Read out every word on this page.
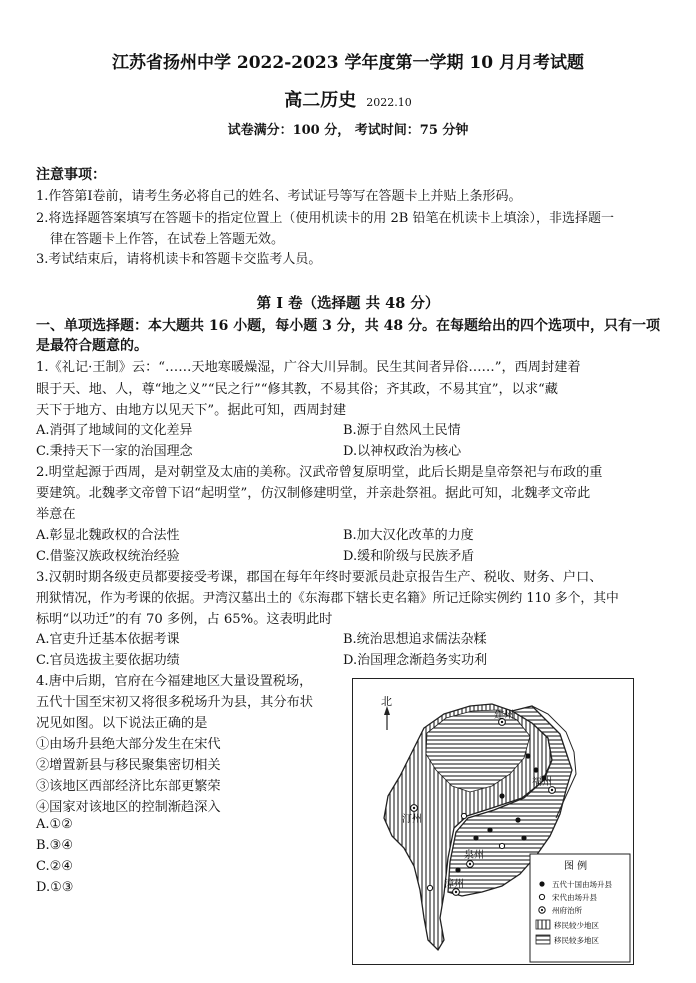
江苏省扬州中学 2022-2023 学年度第一学期 10 月月考试题
高二历史 2022.10
试卷满分：100 分， 考试时间：75 分钟
注意事项：
1.作答第Ⅰ卷前，请考生务必将自己的姓名、考试证号等写在答题卡上并贴上条形码。
2.将选择题答案填写在答题卡的指定位置上（使用机读卡的用 2B 铅笔在机读卡上填涂），非选择题一
律在答题卡上作答，在试卷上答题无效。
3.考试结束后，请将机读卡和答题卡交监考人员。
第 Ⅰ 卷（选择题 共 48 分）
一、单项选择题：本大题共 16 小题，每小题 3 分，共 48 分。在每题给出的四个选项中，只有一项是最符合题意的。
1.《礼记·王制》云：“……天地寒暖燥湿，广谷大川异制。民生其间者异俗……”，西周封建着
眼于天、地、人，尊“地之义”“民之行”“修其教，不易其俗；齐其政，不易其宜”，以求“藏
天下于地方、由地方以见天下”。据此可知，西周封建
A.消弭了地域间的文化差异	B.源于自然风土民情
C.秉持天下一家的治国理念	D.以神权政治为核心
2.明堂起源于西周，是对朝堂及太庙的美称。汉武帝曾复原明堂，此后长期是皇帝祭祀与布政的重
要建筑。北魏孝文帝曾下诏“起明堂”，仿汉制修建明堂，并亲赴祭祖。据此可知，北魏孝文帝此
举意在
A.彰显北魏政权的合法性	B.加大汉化改革的力度
C.借鉴汉族政权统治经验	D.缓和阶级与民族矛盾
3.汉朝时期各级吏员都要接受考课，郡国在每年年终时要派员赴京报告生产、税收、财务、户口、
刑狱情况，作为考课的依据。尹湾汉墓出土的《东海郡下辖长吏名籍》所记迁除实例约 110 多个，其中
标明“以功迁”的有 70 多例，占 65%。这表明此时
A.官吏升迁基本依据考课	B.统治思想追求儒法杂糅
C.官员选拔主要依据功绩	D.治国理念渐趋务实功利
4.唐中后期，官府在今福建地区大量设置税场，
五代十国至宋初又将很多税场升为县，其分布状
况见如图。以下说法正确的是
①由场升县绝大部分发生在宋代
②增置新县与移民聚集密切相关
③该地区西部经济比东部更繁荣
④国家对该地区的控制渐趋深入
A.①②
B.③④
C.②④
D.①③
北
建州
福州
汀州
泉州
漳州
图 例
五代十国由场升县
宋代由场升县
州府治所
移民较少地区
移民较多地区
